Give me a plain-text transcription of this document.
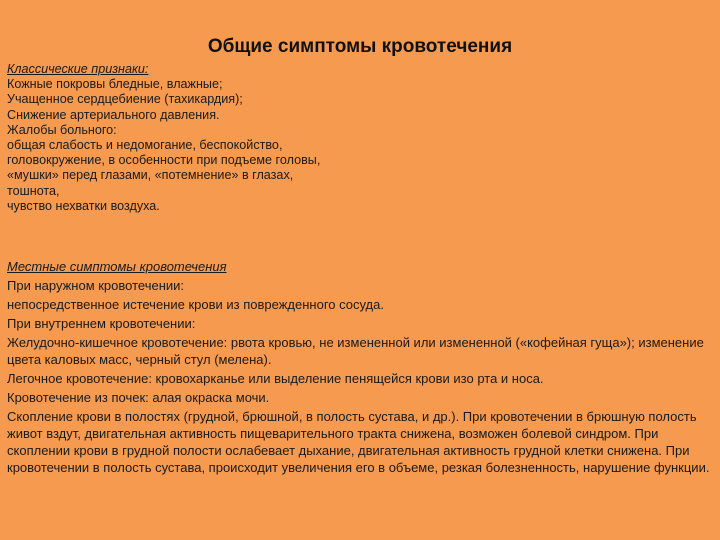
Общие симптомы кровотечения
Классические признаки:
Кожные покровы бледные, влажные;
Учащенное сердцебиение (тахикардия);
Снижение артериального давления.
Жалобы больного:
общая слабость и недомогание, беспокойство,
головокружение, в особенности при подъеме головы,
«мушки» перед глазами, «потемнение» в глазах,
тошнота,
чувство нехватки воздуха.
Местные симптомы кровотечения
При наружном кровотечении:
непосредственное истечение крови из поврежденного сосуда.
При внутреннем кровотечении:
Желудочно-кишечное кровотечение: рвота кровью, не измененной или измененной («кофейная гуща»); изменение цвета каловых масс, черный стул (мелена).
Легочное кровотечение: кровохарканье или выделение пенящейся крови изо рта и носа.
Кровотечение из почек: алая окраска мочи.
Скопление крови в полостях (грудной, брюшной, в полость сустава, и др.). При кровотечении в брюшную полость живот вздут, двигательная активность пищеварительного тракта снижена, возможен болевой синдром. При скоплении крови в грудной полости ослабевает дыхание, двигательная активность грудной клетки снижена. При кровотечении в полость сустава, происходит увеличения его в объеме, резкая болезненность, нарушение функции.
